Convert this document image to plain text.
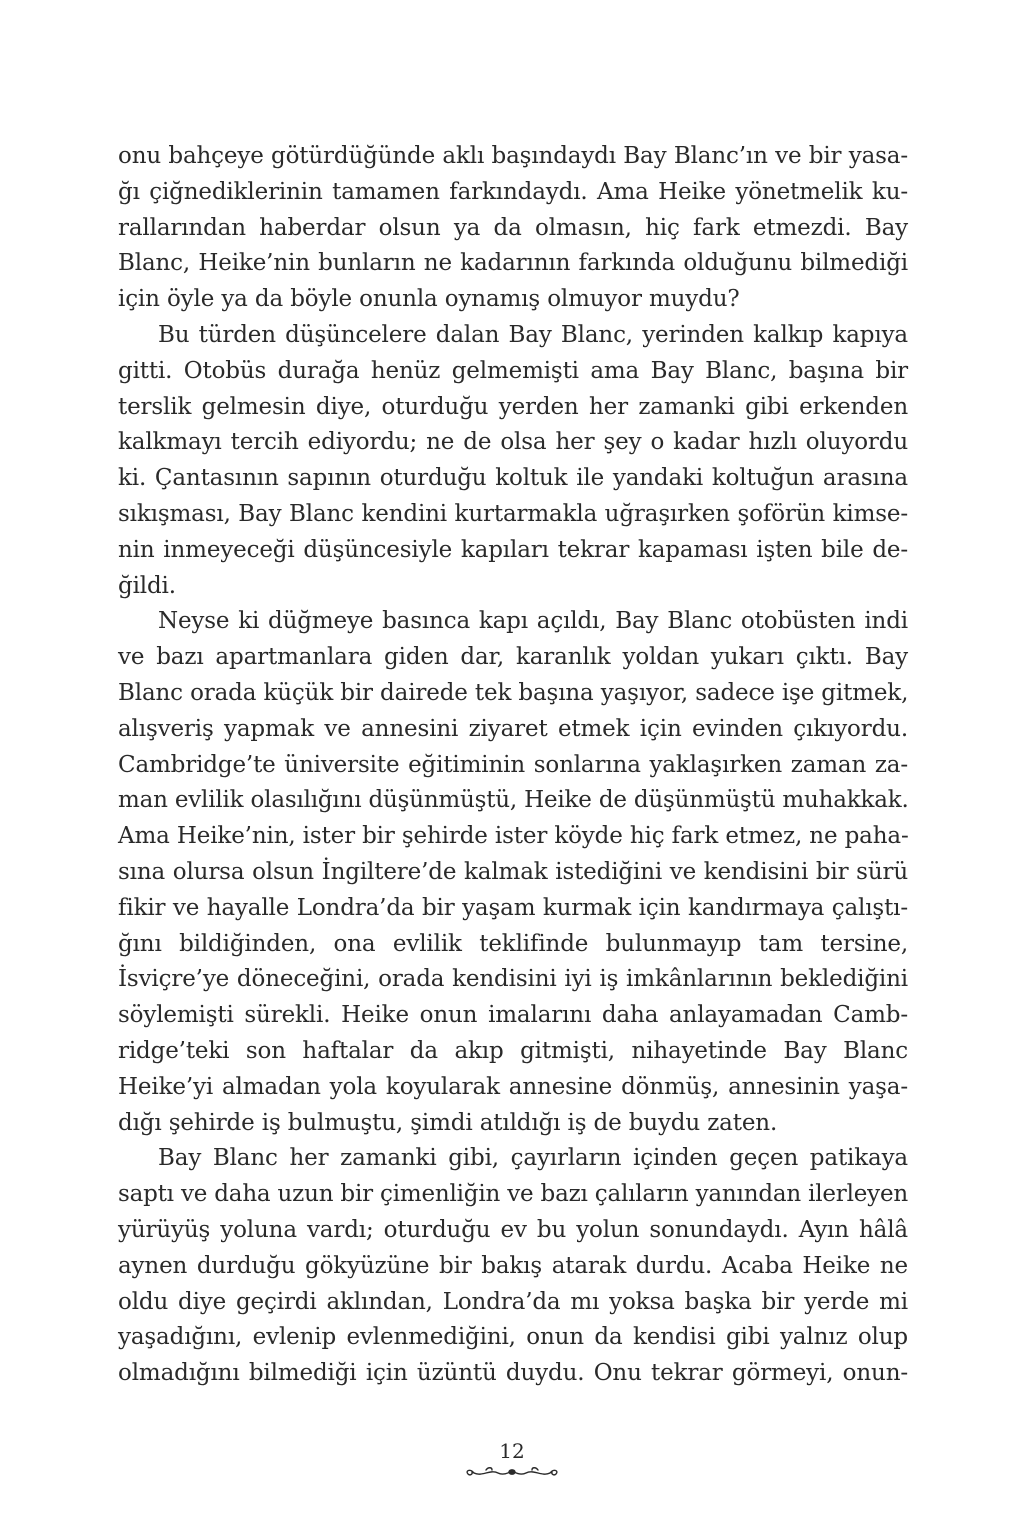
onu bahçeye götürdüğünde aklı başındaydı Bay Blanc’ın ve bir yasa-

ğı çiğnediklerinin tamamen farkındaydı. Ama Heike yönetmelik ku-

rallarından haberdar olsun ya da olmasın, hiç fark etmezdi. Bay

Blanc, Heike’nin bunların ne kadarının farkında olduğunu bilmediği

için öyle ya da böyle onunla oynamış olmuyor muydu?

Bu türden düşüncelere dalan Bay Blanc, yerinden kalkıp kapıya

gitti. Otobüs durağa henüz gelmemişti ama Bay Blanc, başına bir

terslik gelmesin diye, oturduğu yerden her zamanki gibi erkenden

kalkmayı tercih ediyordu; ne de olsa her şey o kadar hızlı oluyordu

ki. Çantasının sapının oturduğu koltuk ile yandaki koltuğun arasına

sıkışması, Bay Blanc kendini kurtarmakla uğraşırken şoförün kimse-

nin inmeyeceği düşüncesiyle kapıları tekrar kapaması işten bile de-

ğildi.

Neyse ki düğmeye basınca kapı açıldı, Bay Blanc otobüsten indi

ve bazı apartmanlara giden dar, karanlık yoldan yukarı çıktı. Bay

Blanc orada küçük bir dairede tek başına yaşıyor, sadece işe gitmek,

alışveriş yapmak ve annesini ziyaret etmek için evinden çıkıyordu.

Cambridge’te üniversite eğitiminin sonlarına yaklaşırken zaman za-

man evlilik olasılığını düşünmüştü, Heike de düşünmüştü muhakkak.

Ama Heike’nin, ister bir şehirde ister köyde hiç fark etmez, ne paha-

sına olursa olsun İngiltere’de kalmak istediğini ve kendisini bir sürü

fikir ve hayalle Londra’da bir yaşam kurmak için kandırmaya çalıştı-

ğını bildiğinden, ona evlilik teklifinde bulunmayıp tam tersine,

İsviçre’ye döneceğini, orada kendisini iyi iş imkânlarının beklediğini

söylemişti sürekli. Heike onun imalarını daha anlayamadan Camb-

ridge’teki son haftalar da akıp gitmişti, nihayetinde Bay Blanc

Heike’yi almadan yola koyularak annesine dönmüş, annesinin yaşa-

dığı şehirde iş bulmuştu, şimdi atıldığı iş de buydu zaten.

Bay Blanc her zamanki gibi, çayırların içinden geçen patikaya

saptı ve daha uzun bir çimenliğin ve bazı çalıların yanından ilerleyen

yürüyüş yoluna vardı; oturduğu ev bu yolun sonundaydı. Ayın hâlâ

aynen durduğu gökyüzüne bir bakış atarak durdu. Acaba Heike ne

oldu diye geçirdi aklından, Londra’da mı yoksa başka bir yerde mi

yaşadığını, evlenip evlenmediğini, onun da kendisi gibi yalnız olup

olmadığını bilmediği için üzüntü duydu. Onu tekrar görmeyi, onun-

12
